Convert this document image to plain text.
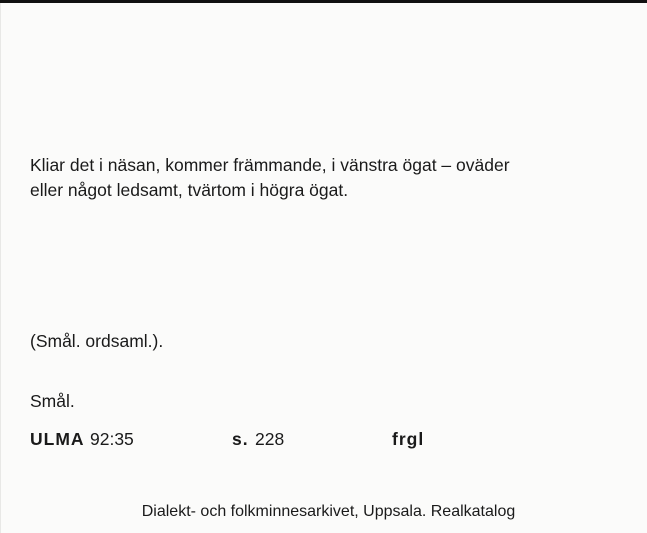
Kliar det i näsan, kommer främmande, i vänstra ögat – oväder
eller något ledsamt, tvärtom i högra ögat.

(Smål. ordsaml.).

Smål.

ULMA 92:35	s. 228	frgl

Dialekt- och folkminnesarkivet, Uppsala. Realkatalog
